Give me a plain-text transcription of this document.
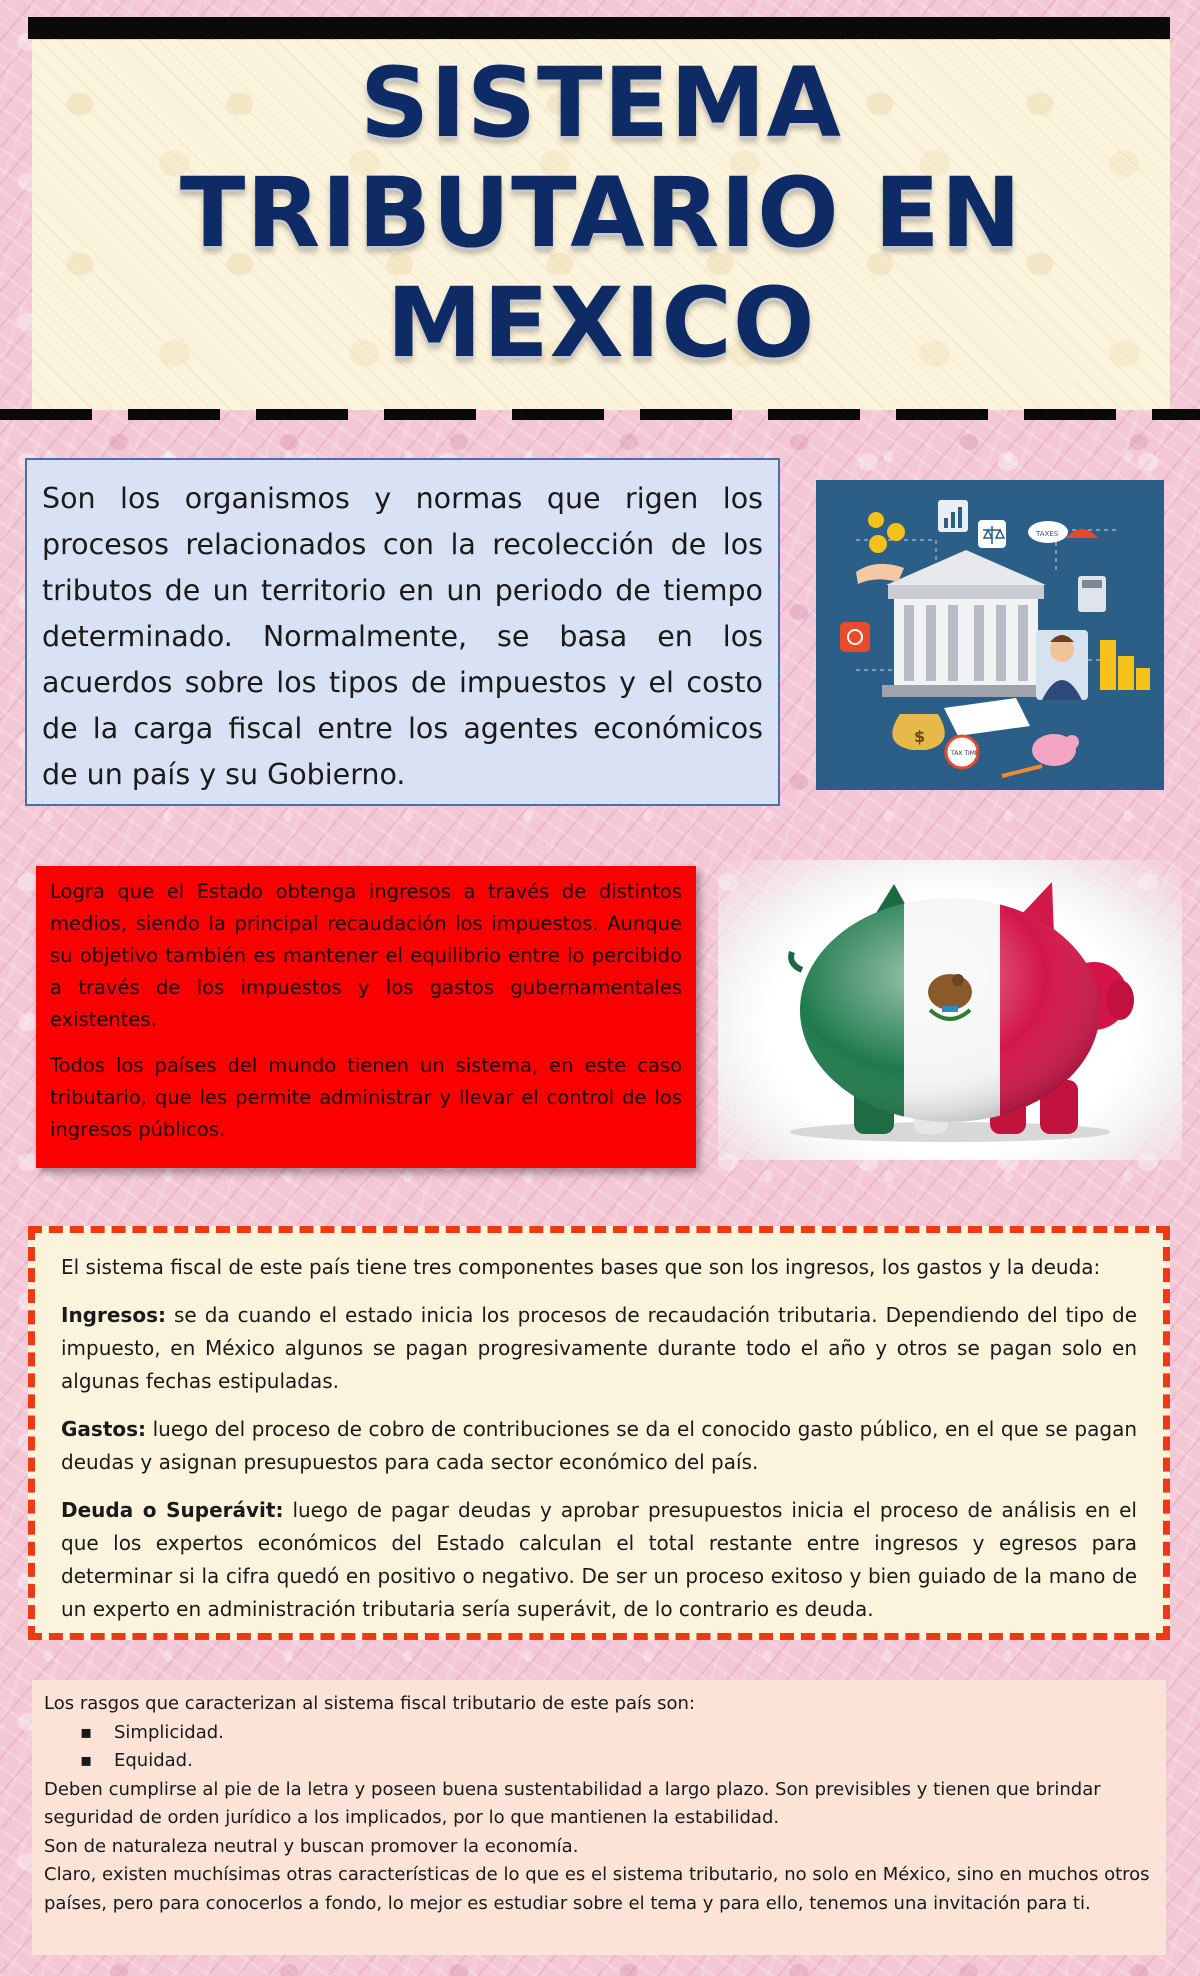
SISTEMA TRIBUTARIO EN MEXICO

Son los organismos y normas que rigen los procesos relacionados con la recolección de los tributos de un territorio en un periodo de tiempo determinado. Normalmente, se basa en los acuerdos sobre los tipos de impuestos y el costo de la carga fiscal entre los agentes económicos de un país y su Gobierno.

TAXES
$
TAX TIME

Logra que el Estado obtenga ingresos a través de distintos medios, siendo la principal recaudación los impuestos. Aunque su objetivo también es mantener el equilibrio entre lo percibido a través de los impuestos y los gastos gubernamentales existentes.

Todos los países del mundo tienen un sistema, en este caso tributario, que les permite administrar y llevar el control de los ingresos públicos.

El sistema fiscal de este país tiene tres componentes bases que son los ingresos, los gastos y la deuda:

Ingresos: se da cuando el estado inicia los procesos de recaudación tributaria. Dependiendo del tipo de impuesto, en México algunos se pagan progresivamente durante todo el año y otros se pagan solo en algunas fechas estipuladas.

Gastos: luego del proceso de cobro de contribuciones se da el conocido gasto público, en el que se pagan deudas y asignan presupuestos para cada sector económico del país.

Deuda o Superávit: luego de pagar deudas y aprobar presupuestos inicia el proceso de análisis en el que los expertos económicos del Estado calculan el total restante entre ingresos y egresos para determinar si la cifra quedó en positivo o negativo. De ser un proceso exitoso y bien guiado de la mano de un experto en administración tributaria sería superávit, de lo contrario es deuda.

Los rasgos que caracterizan al sistema fiscal tributario de este país son:

▪ Simplicidad.
▪ Equidad.

Deben cumplirse al pie de la letra y poseen buena sustentabilidad a largo plazo. Son previsibles y tienen que brindar seguridad de orden jurídico a los implicados, por lo que mantienen la estabilidad.

Son de naturaleza neutral y buscan promover la economía.

Claro, existen muchísimas otras características de lo que es el sistema tributario, no solo en México, sino en muchos otros países, pero para conocerlos a fondo, lo mejor es estudiar sobre el tema y para ello, tenemos una invitación para ti.
